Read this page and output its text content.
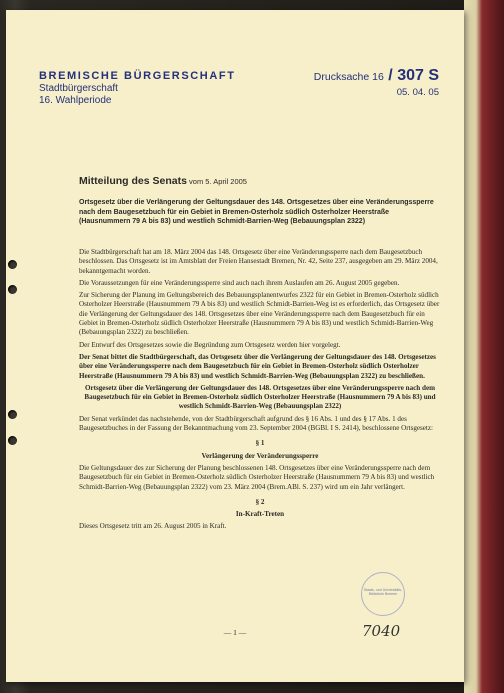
BREMISCHE BÜRGERSCHAFT
Stadtbürgerschaft
16. Wahlperiode
Drucksache 16 / 307 S
05. 04. 05
Mitteilung des Senats vom 5. April 2005
Ortsgesetz über die Verlängerung der Geltungsdauer des 148. Ortsgesetzes über eine Veränderungssperre nach dem Baugesetzbuch für ein Gebiet in Bremen-Osterholz südlich Osterholzer Heerstraße (Hausnummern 79 A bis 83) und westlich Schmidt-Barrien-Weg (Bebauungsplan 2322)

Die Stadtbürgerschaft hat am 18. März 2004 das 148. Ortsgesetz über eine Veränderungssperre nach dem Baugesetzbuch beschlossen. Das Ortsgesetz ist im Amtsblatt der Freien Hansestadt Bremen, Nr. 42, Seite 237, ausgegeben am 29. März 2004, bekanntgemacht worden.

Die Voraussetzungen für eine Veränderungssperre sind auch nach ihrem Auslaufen am 26. August 2005 gegeben.

Zur Sicherung der Planung im Geltungsbereich des Bebauungsplanentwurfes 2322 für ein Gebiet in Bremen-Osterholz südlich Osterholzer Heerstraße (Hausnummern 79 A bis 83) und westlich Schmidt-Barrien-Weg ist es erforderlich, das Ortsgesetz über die Verlängerung der Geltungsdauer des 148. Ortsgesetzes über eine Veränderungssperre nach dem Baugesetzbuch für ein Gebiet in Bremen-Osterholz südlich Osterholzer Heerstraße (Hausnummern 79 A bis 83) und westlich Schmidt-Barrien-Weg (Bebauungsplan 2322) zu beschließen.

Der Entwurf des Ortsgesetzes sowie die Begründung zum Ortsgesetz werden hier vorgelegt.

Der Senat bittet die Stadtbürgerschaft, das Ortsgesetz über die Verlängerung der Geltungsdauer des 148. Ortsgesetzes über eine Veränderungssperre nach dem Baugesetzbuch für ein Gebiet in Bremen-Osterholz südlich Osterholzer Heerstraße (Hausnummern 79 A bis 83) und westlich Schmidt-Barrien-Weg (Bebauungsplan 2322) zu beschließen.

Ortsgesetz über die Verlängerung der Geltungsdauer des 148. Ortsgesetzes über eine Veränderungssperre nach dem Baugesetzbuch für ein Gebiet in Bremen-Osterholz südlich Osterholzer Heerstraße (Hausnummern 79 A bis 83) und westlich Schmidt-Barrien-Weg (Bebauungsplan 2322)

Der Senat verkündet das nachstehende, von der Stadtbürgerschaft aufgrund des § 16 Abs. 1 und des § 17 Abs. 1 des Baugesetzbuches in der Fassung der Bekanntmachung vom 23. September 2004 (BGBl. I S. 2414), beschlossene Ortsgesetz:

§ 1

Verlängerung der Veränderungssperre

Die Geltungsdauer des zur Sicherung der Planung beschlossenen 148. Ortsgesetzes über eine Veränderungssperre nach dem Baugesetzbuch für ein Gebiet in Bremen-Osterholz südlich Osterholzer Heerstraße (Hausnummern 79 A bis 83) und westlich Schmidt-Barrien-Weg (Bebauungsplan 2322) vom 23. März 2004 (Brem.ABl. S. 237) wird um ein Jahr verlängert.

§ 2

In-Kraft-Treten

Dieses Ortsgesetz tritt am 26. August 2005 in Kraft.

Staats- und Universitäts-Bibliothek Bremen
7040
— 1 —
